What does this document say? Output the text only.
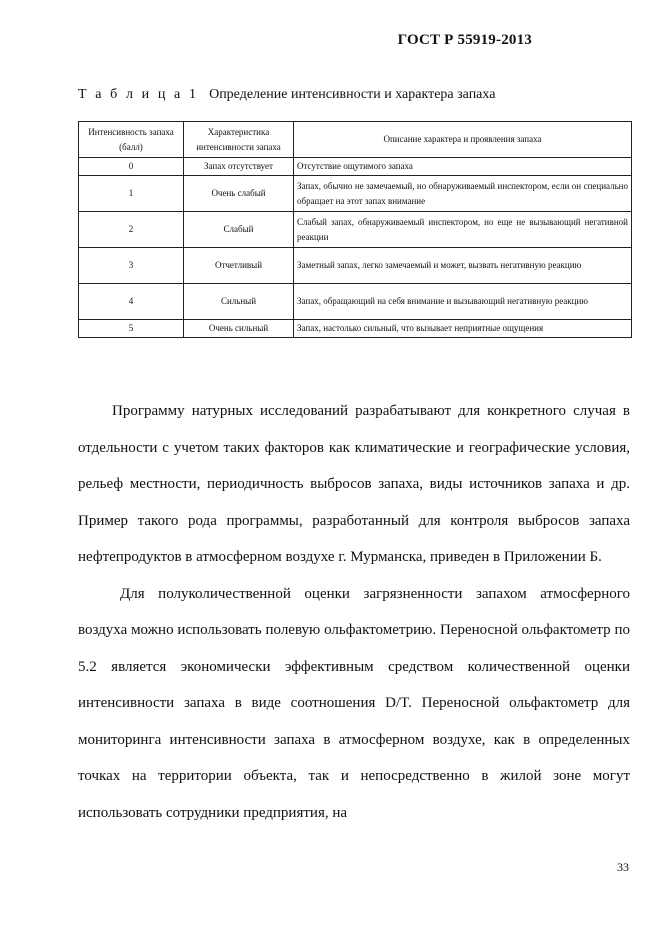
ГОСТ Р 55919-2013
Т а б л и ц а 1 Определение интенсивности и характера запаха
Интенсивность запаха (балл)	Характеристика интенсивности запаха	Описание характера и проявления запаха
0	Запах отсутствует	Отсутствие ощутимого запаха
1	Очень слабый	Запах, обычно не замечаемый, но обнаруживаемый инспектором, если он специально обращает на этот запах внимание
2	Слабый	Слабый запах, обнаруживаемый инспектором, но еще не вызывающий негативной реакции
3	Отчетливый	Заметный запах, легко замечаемый и может, вызвать негативную реакцию
4	Сильный	Запах, обращающий на себя внимание и вызывающий негативную реакцию
5	Очень сильный	Запах, настолько сильный, что вызывает неприятные ощущения

Программу натурных исследований разрабатывают для конкретного случая в отдельности с учетом таких факторов как климатические и географические условия, рельеф местности, периодичность выбросов запаха, виды источников запаха и др. Пример такого рода программы, разработанный для контроля выбросов запаха нефтепродуктов в атмосферном воздухе г. Мурманска, приведен в Приложении Б.

Для полуколичественной оценки загрязненности запахом атмосферного воздуха можно использовать полевую ольфактометрию. Переносной ольфактометр по 5.2 является экономически эффективным средством количественной оценки интенсивности запаха в виде соотношения D/T. Переносной ольфактометр для мониторинга интенсивности запаха в атмосферном воздухе, как в определенных точках на территории объекта, так и непосредственно в жилой зоне могут использовать сотрудники предприятия, на

33
